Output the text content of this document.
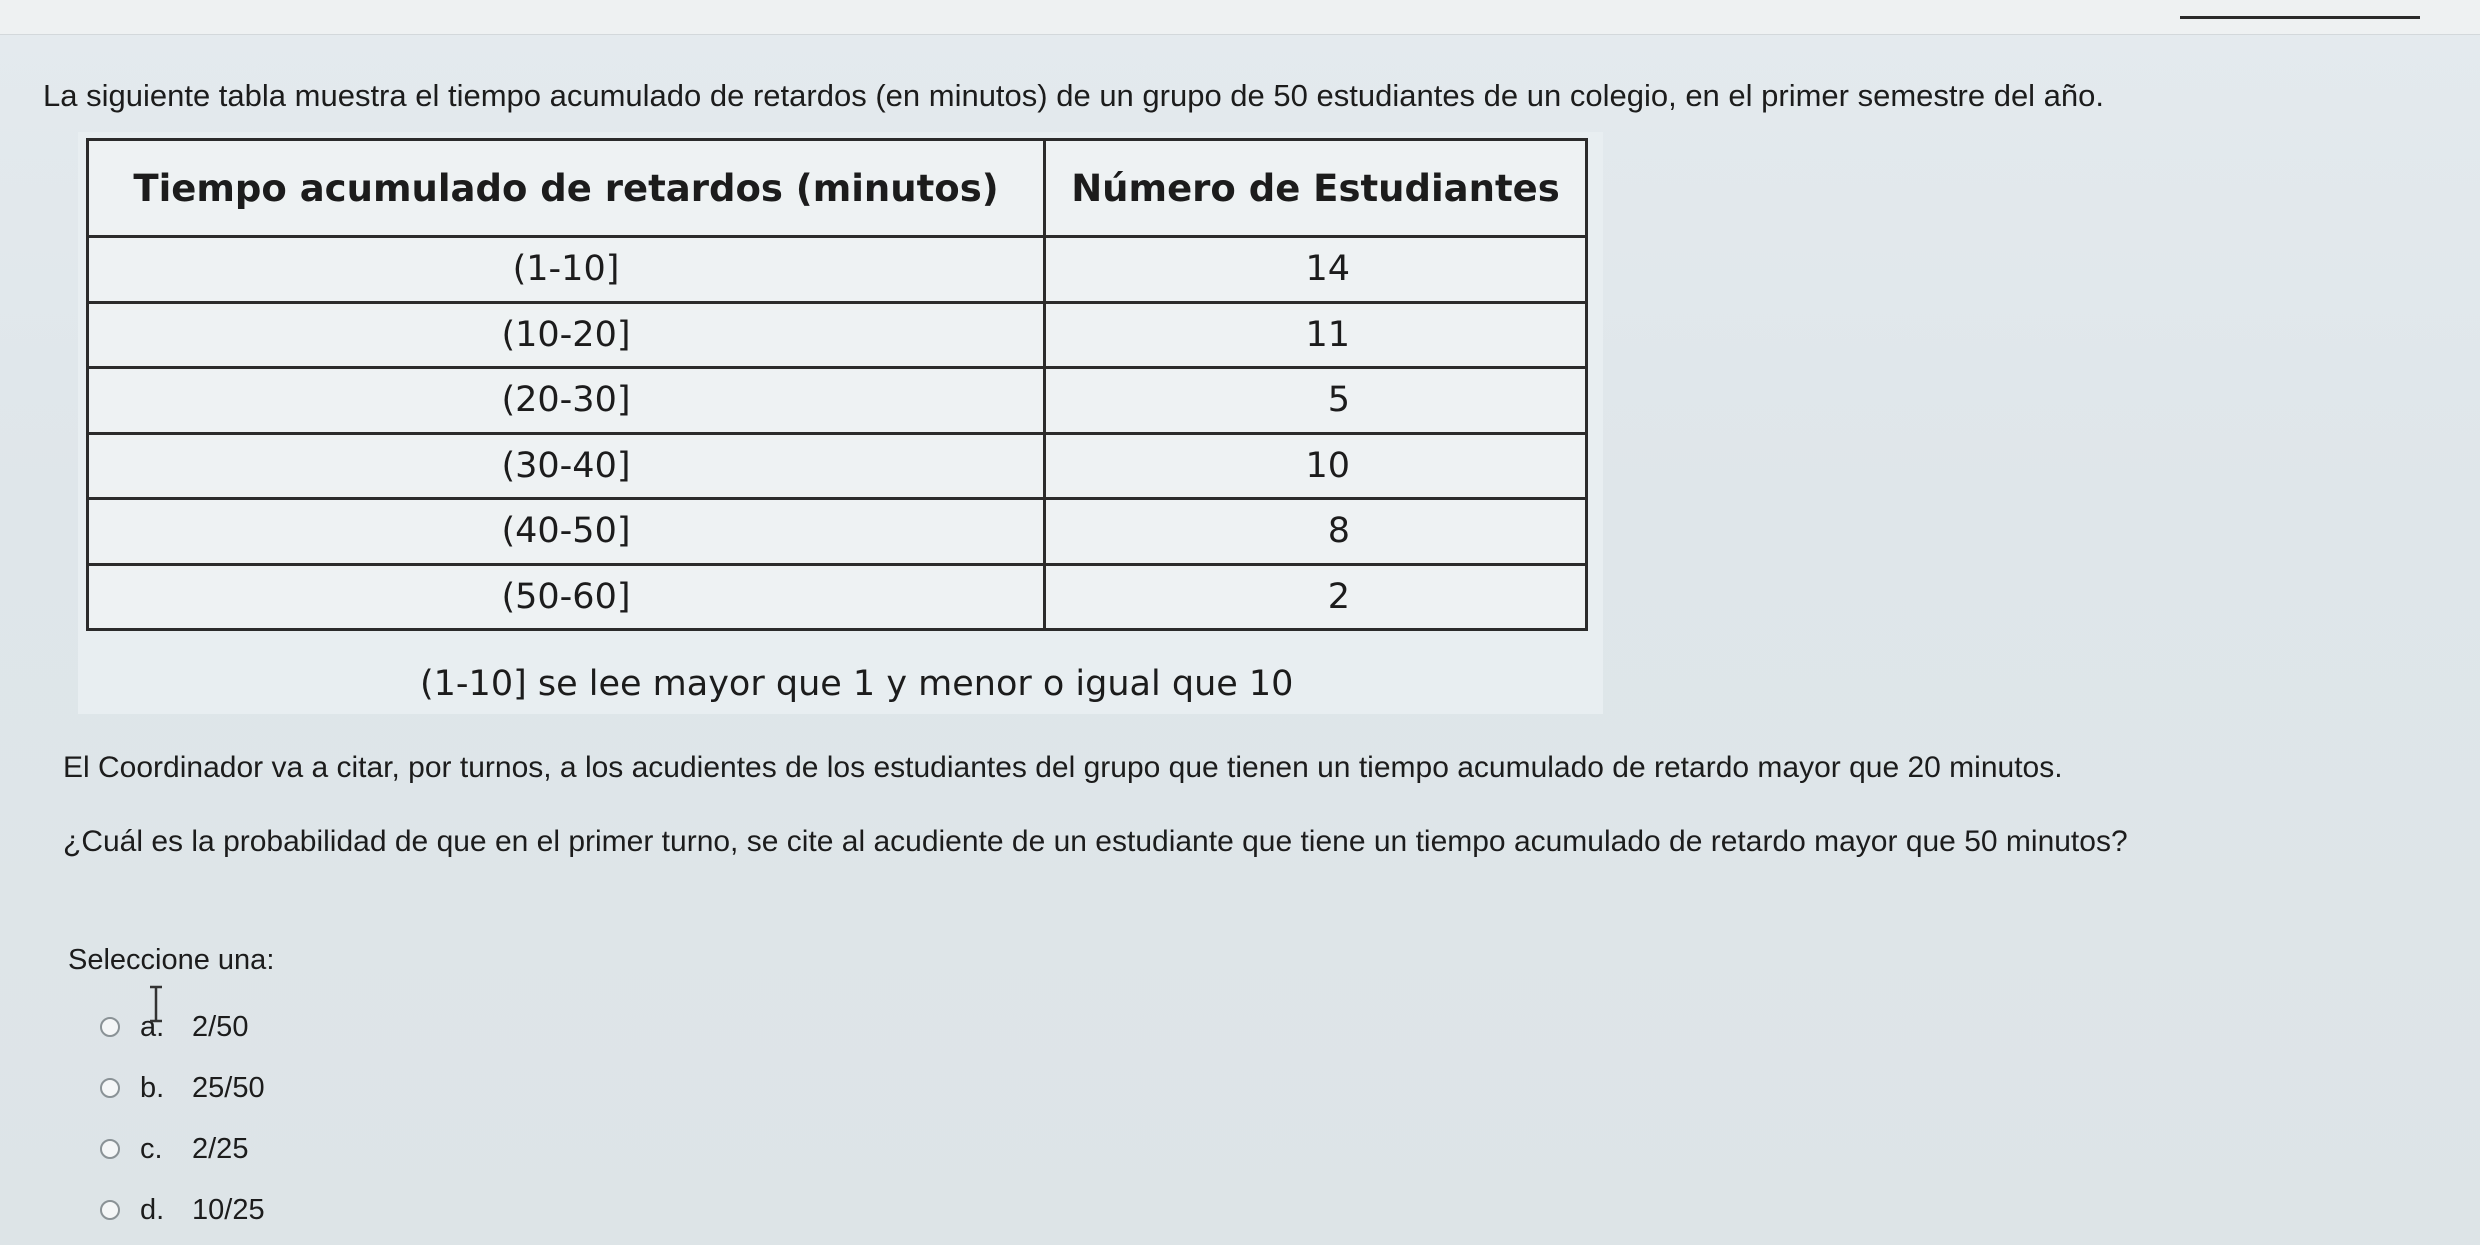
La siguiente tabla muestra el tiempo acumulado de retardos (en minutos) de un grupo de 50 estudiantes de un colegio, en el primer semestre del año.
Tiempo acumulado de retardos (minutos)	Número de Estudiantes
(1-10]	14
(10-20]	11
(20-30]	5
(30-40]	10
(40-50]	8
(50-60]	2
(1-10] se lee mayor que 1 y menor o igual que 10
El Coordinador va a citar, por turnos, a los acudientes de los estudiantes del grupo que tienen un tiempo acumulado de retardo mayor que 20 minutos.
¿Cuál es la probabilidad de que en el primer turno, se cite al acudiente de un estudiante que tiene un tiempo acumulado de retardo mayor que 50 minutos?
Seleccione una:
a. 2/50
b. 25/50
c.	2/25
d. 10/25
